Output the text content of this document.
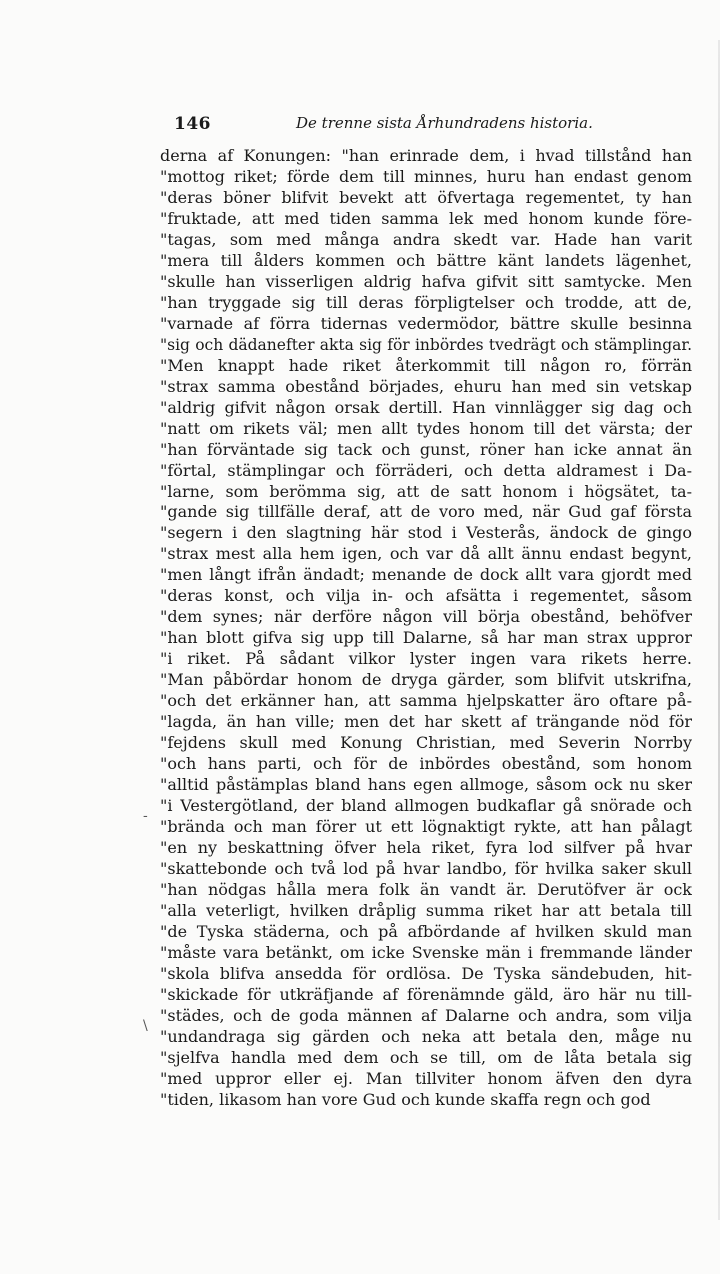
146	De trenne sista Århundradens historia.
-
\
derna af Konungen: "han erinrade dem, i hvad tillstånd han
"mottog riket; förde dem till minnes, huru han endast genom
"deras böner blifvit bevekt att öfvertaga regementet, ty han
"fruktade, att med tiden samma lek med honom kunde före-
"tagas, som med många andra skedt var. Hade han varit
"mera till ålders kommen och bättre känt landets lägenhet,
"skulle han visserligen aldrig hafva gifvit sitt samtycke. Men
"han tryggade sig till deras förpligtelser och trodde, att de,
"varnade af förra tidernas vedermödor, bättre skulle besinna
"sig och dädanefter akta sig för inbördes tvedrägt och stämplingar.
"Men knappt hade riket återkommit till någon ro, förrän
"strax samma obestånd börjades, ehuru han med sin vetskap
"aldrig gifvit någon orsak dertill. Han vinnlägger sig dag och
"natt om rikets väl; men allt tydes honom till det värsta; der
"han förväntade sig tack och gunst, röner han icke annat än
"förtal, stämplingar och förräderi, och detta aldramest i Da-
"larne, som berömma sig, att de satt honom i högsätet, ta-
"gande sig tillfälle deraf, att de voro med, när Gud gaf första
"segern i den slagtning här stod i Vesterås, ändock de gingo
"strax mest alla hem igen, och var då allt ännu endast begynt,
"men långt ifrån ändadt; menande de dock allt vara gjordt med
"deras konst, och vilja in- och afsätta i regementet, såsom
"dem synes; när derföre någon vill börja obestånd, behöfver
"han blott gifva sig upp till Dalarne, så har man strax uppror
"i riket. På sådant vilkor lyster ingen vara rikets herre.
"Man påbördar honom de dryga gärder, som blifvit utskrifna,
"och det erkänner han, att samma hjelpskatter äro oftare på-
"lagda, än han ville; men det har skett af trängande nöd för
"fejdens skull med Konung Christian, med Severin Norrby
"och hans parti, och för de inbördes obestånd, som honom
"alltid påstämplas bland hans egen allmoge, såsom ock nu sker
"i Vestergötland, der bland allmogen budkaflar gå snörade och
"brända och man förer ut ett lögnaktigt rykte, att han pålagt
"en ny beskattning öfver hela riket, fyra lod silfver på hvar
"skattebonde och två lod på hvar landbo, för hvilka saker skull
"han nödgas hålla mera folk än vandt är. Derutöfver är ock
"alla veterligt, hvilken dråplig summa riket har att betala till
"de Tyska städerna, och på afbördande af hvilken skuld man
"måste vara betänkt, om icke Svenske män i fremmande länder
"skola blifva ansedda för ordlösa. De Tyska sändebuden, hit-
"skickade för utkräfjande af förenämnde gäld, äro här nu till-
"städes, och de goda männen af Dalarne och andra, som vilja
"undandraga sig gärden och neka att betala den, måge nu
"sjelfva handla med dem och se till, om de låta betala sig
"med uppror eller ej. Man tillviter honom äfven den dyra
"tiden, likasom han vore Gud och kunde skaffa regn och god
